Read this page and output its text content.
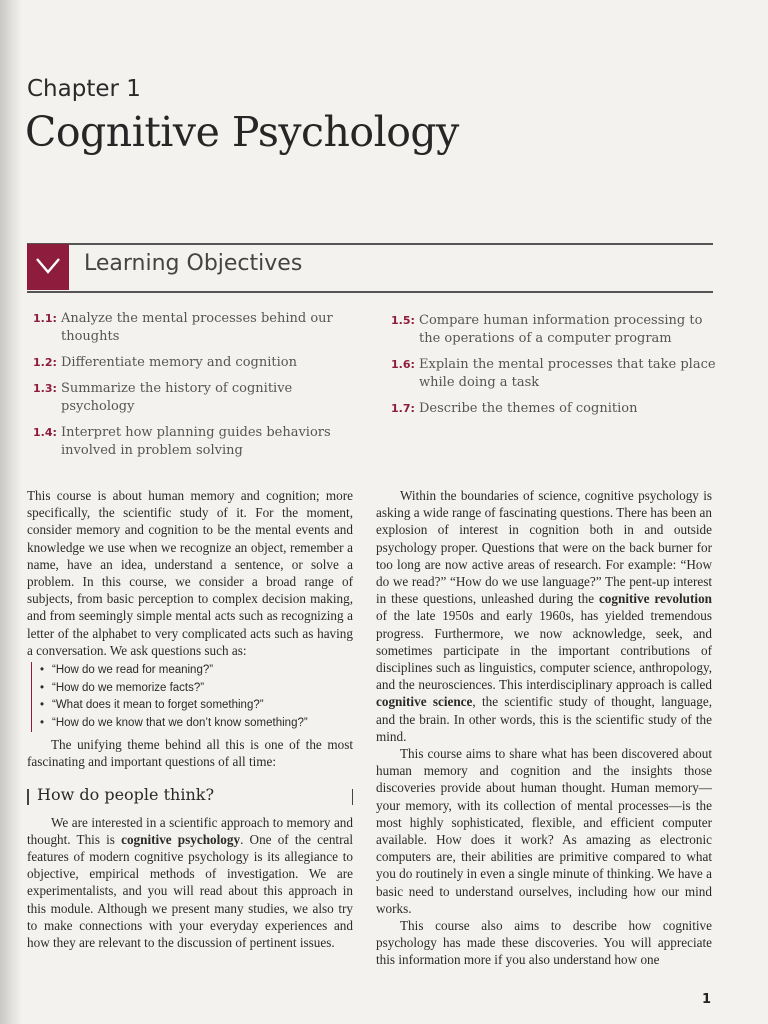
Chapter 1
Cognitive Psychology
Learning Objectives
1.1: Analyze the mental processes behind our thoughts
1.2: Differentiate memory and cognition
1.3: Summarize the history of cognitive psychology
1.4: Interpret how planning guides behaviors involved in problem solving
1.5: Compare human information processing to the operations of a computer program
1.6: Explain the mental processes that take place while doing a task
1.7: Describe the themes of cognition

This course is about human memory and cognition; more specifically, the scientific study of it. For the moment, consider memory and cognition to be the mental events and knowledge we use when we recognize an object, remember a name, have an idea, understand a sentence, or solve a problem. In this course, we consider a broad range of subjects, from basic perception to complex decision making, and from seemingly simple mental acts such as recognizing a letter of the alphabet to very complicated acts such as having a conversation. We ask questions such as:

• “How do we read for meaning?”
• “How do we memorize facts?”
• “What does it mean to forget something?”
• “How do we know that we don’t know something?”

The unifying theme behind all this is one of the most fascinating and important questions of all time:

How do people think?

We are interested in a scientific approach to memory and thought. This is cognitive psychology. One of the central features of modern cognitive psychology is its allegiance to objective, empirical methods of investigation. We are experimentalists, and you will read about this approach in this module. Although we present many studies, we also try to make connections with your everyday experiences and how they are relevant to the discussion of pertinent issues.

Within the boundaries of science, cognitive psychology is asking a wide range of fascinating questions. There has been an explosion of interest in cognition both in and outside psychology proper. Questions that were on the back burner for too long are now active areas of research. For example: “How do we read?” “How do we use language?” The pent-up interest in these questions, unleashed during the cognitive revolution of the late 1950s and early 1960s, has yielded tremendous progress. Furthermore, we now acknowledge, seek, and sometimes participate in the important contributions of disciplines such as linguistics, computer science, anthropology, and the neurosciences. This interdisciplinary approach is called cognitive science, the scientific study of thought, language, and the brain. In other words, this is the scientific study of the mind.

This course aims to share what has been discovered about human memory and cognition and the insights those discoveries provide about human thought. Human memory—your memory, with its collection of mental processes—is the most highly sophisticated, flexible, and efficient computer available. How does it work? As amazing as electronic computers are, their abilities are primitive compared to what you do routinely in even a single minute of thinking. We have a basic need to understand ourselves, including how our mind works.

This course also aims to describe how cognitive psychology has made these discoveries. You will appreciate this information more if you also understand how one

1
